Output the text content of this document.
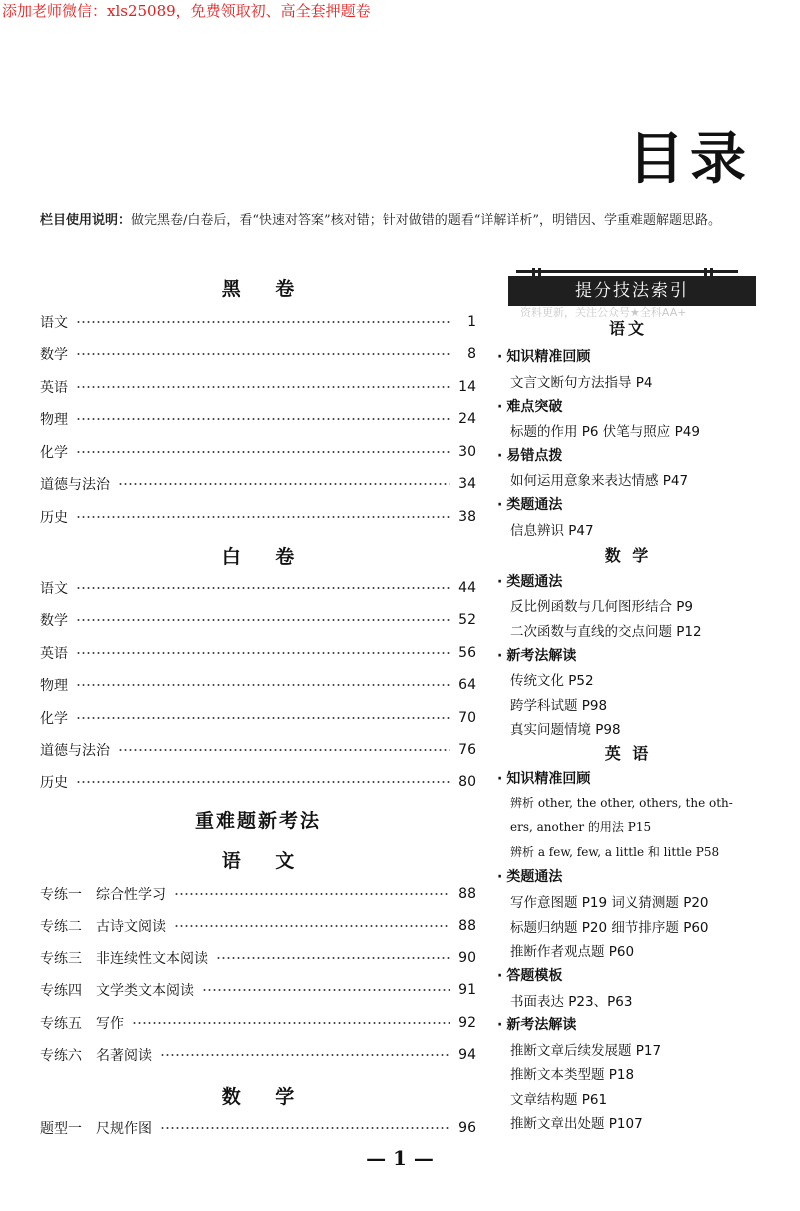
添加老师微信：xls25089，免费领取初、高全套押题卷
目录
栏目使用说明：做完黑卷/白卷后，看“快速对答案”核对错；针对做错的题看“详解详析”，明错因、学重难题解题思路。
黑 卷
语文	1
数学	8
英语	14
物理	24
化学	30
道德与法治	34
历史	38
白 卷
语文	44
数学	52
英语	56
物理	64
化学	70
道德与法治	76
历史	80
重难题新考法
语 文
专练一 综合性学习	88
专练二 古诗文阅读	88
专练三 非连续性文本阅读	90
专练四 文学类文本阅读	91
专练五 写作	92
专练六 名著阅读	94
数 学
题型一 尺规作图	96
提分技法索引
资料更新，关注公众号★全科AA+
语文
· 知识精准回顾
文言文断句方法指导 P4
· 难点突破
标题的作用 P6 伏笔与照应 P49
· 易错点拨
如何运用意象来表达情感 P47
· 类题通法
信息辨识 P47
数 学
· 类题通法
反比例函数与几何图形结合 P9
二次函数与直线的交点问题 P12
· 新考法解读
传统文化 P52
跨学科试题 P98
真实问题情境 P98
英 语
· 知识精准回顾
辨析 other, the other, others, the oth-
ers, another 的用法 P15
辨析 a few, few, a little 和 little P58
· 类题通法
写作意图题 P19 词义猜测题 P20
标题归纳题 P20 细节排序题 P60
推断作者观点题 P60
· 答题模板
书面表达 P23、P63
· 新考法解读
推断文章后续发展题 P17
推断文本类型题 P18
文章结构题 P61
推断文章出处题 P107
— 1 —
